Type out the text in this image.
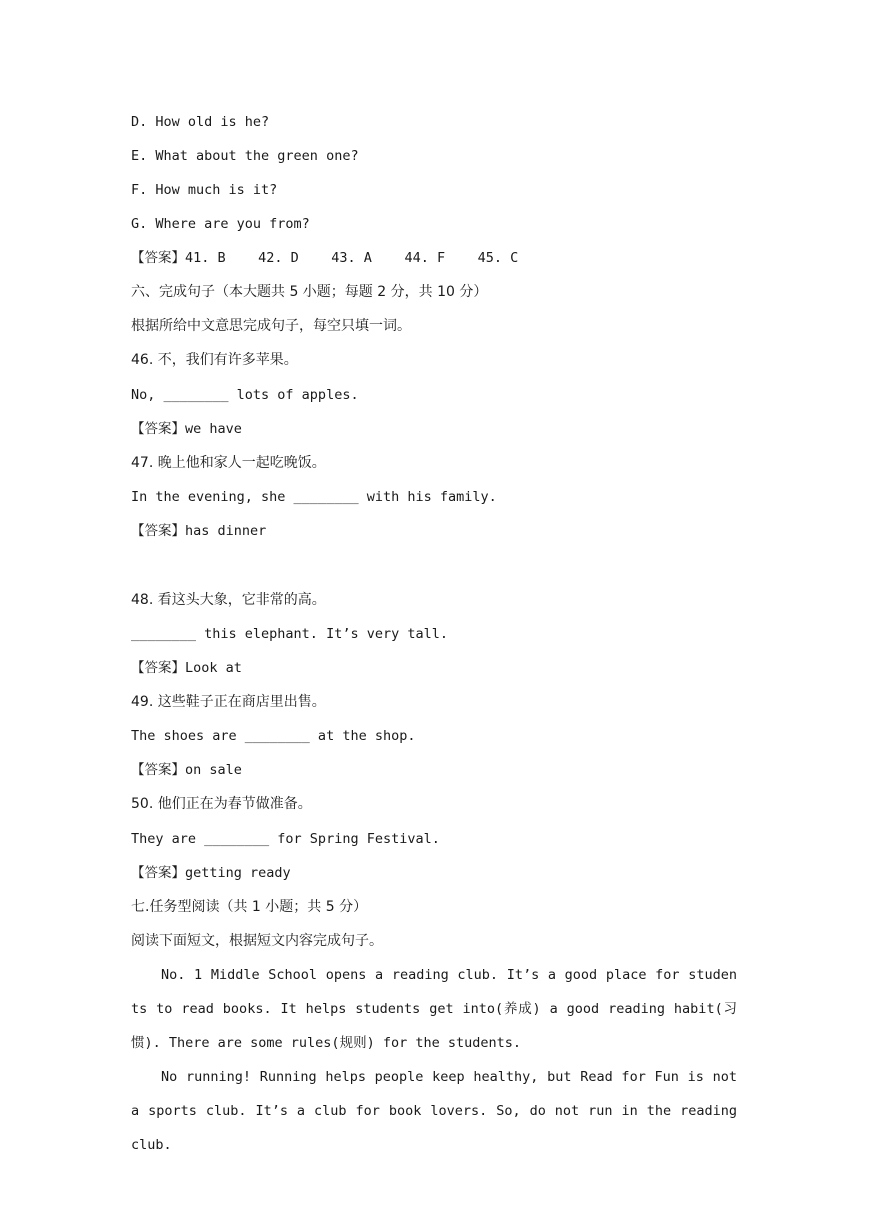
D. How old is he?
E. What about the green one?
F. How much is it?
G. Where are you from?
【答案】41. B    42. D    43. A    44. F    45. C
六、完成句子（本大题共 5 小题；每题 2 分，共 10 分）
根据所给中文意思完成句子，每空只填一词。
46. 不，我们有许多苹果。
No, ________ lots of apples.
【答案】we have
47. 晚上他和家人一起吃晚饭。
In the evening, she ________ with his family.
【答案】has dinner
48. 看这头大象，它非常的高。
________ this elephant. It’s very tall.
【答案】Look at
49. 这些鞋子正在商店里出售。
The shoes are ________ at the shop.
【答案】on sale
50. 他们正在为春节做准备。
They are ________ for Spring Festival.
【答案】getting ready
七.任务型阅读（共 1 小题；共 5 分）
阅读下面短文，根据短文内容完成句子。
No. 1 Middle School opens a reading club. It’s a good place for students to read books. It helps students get into(养成) a good reading habit(习惯). There are some rules(规则) for the students.
No running! Running helps people keep healthy, but Read for Fun is not a sports club. It’s a club for book lovers. So, do not run in the reading club.
